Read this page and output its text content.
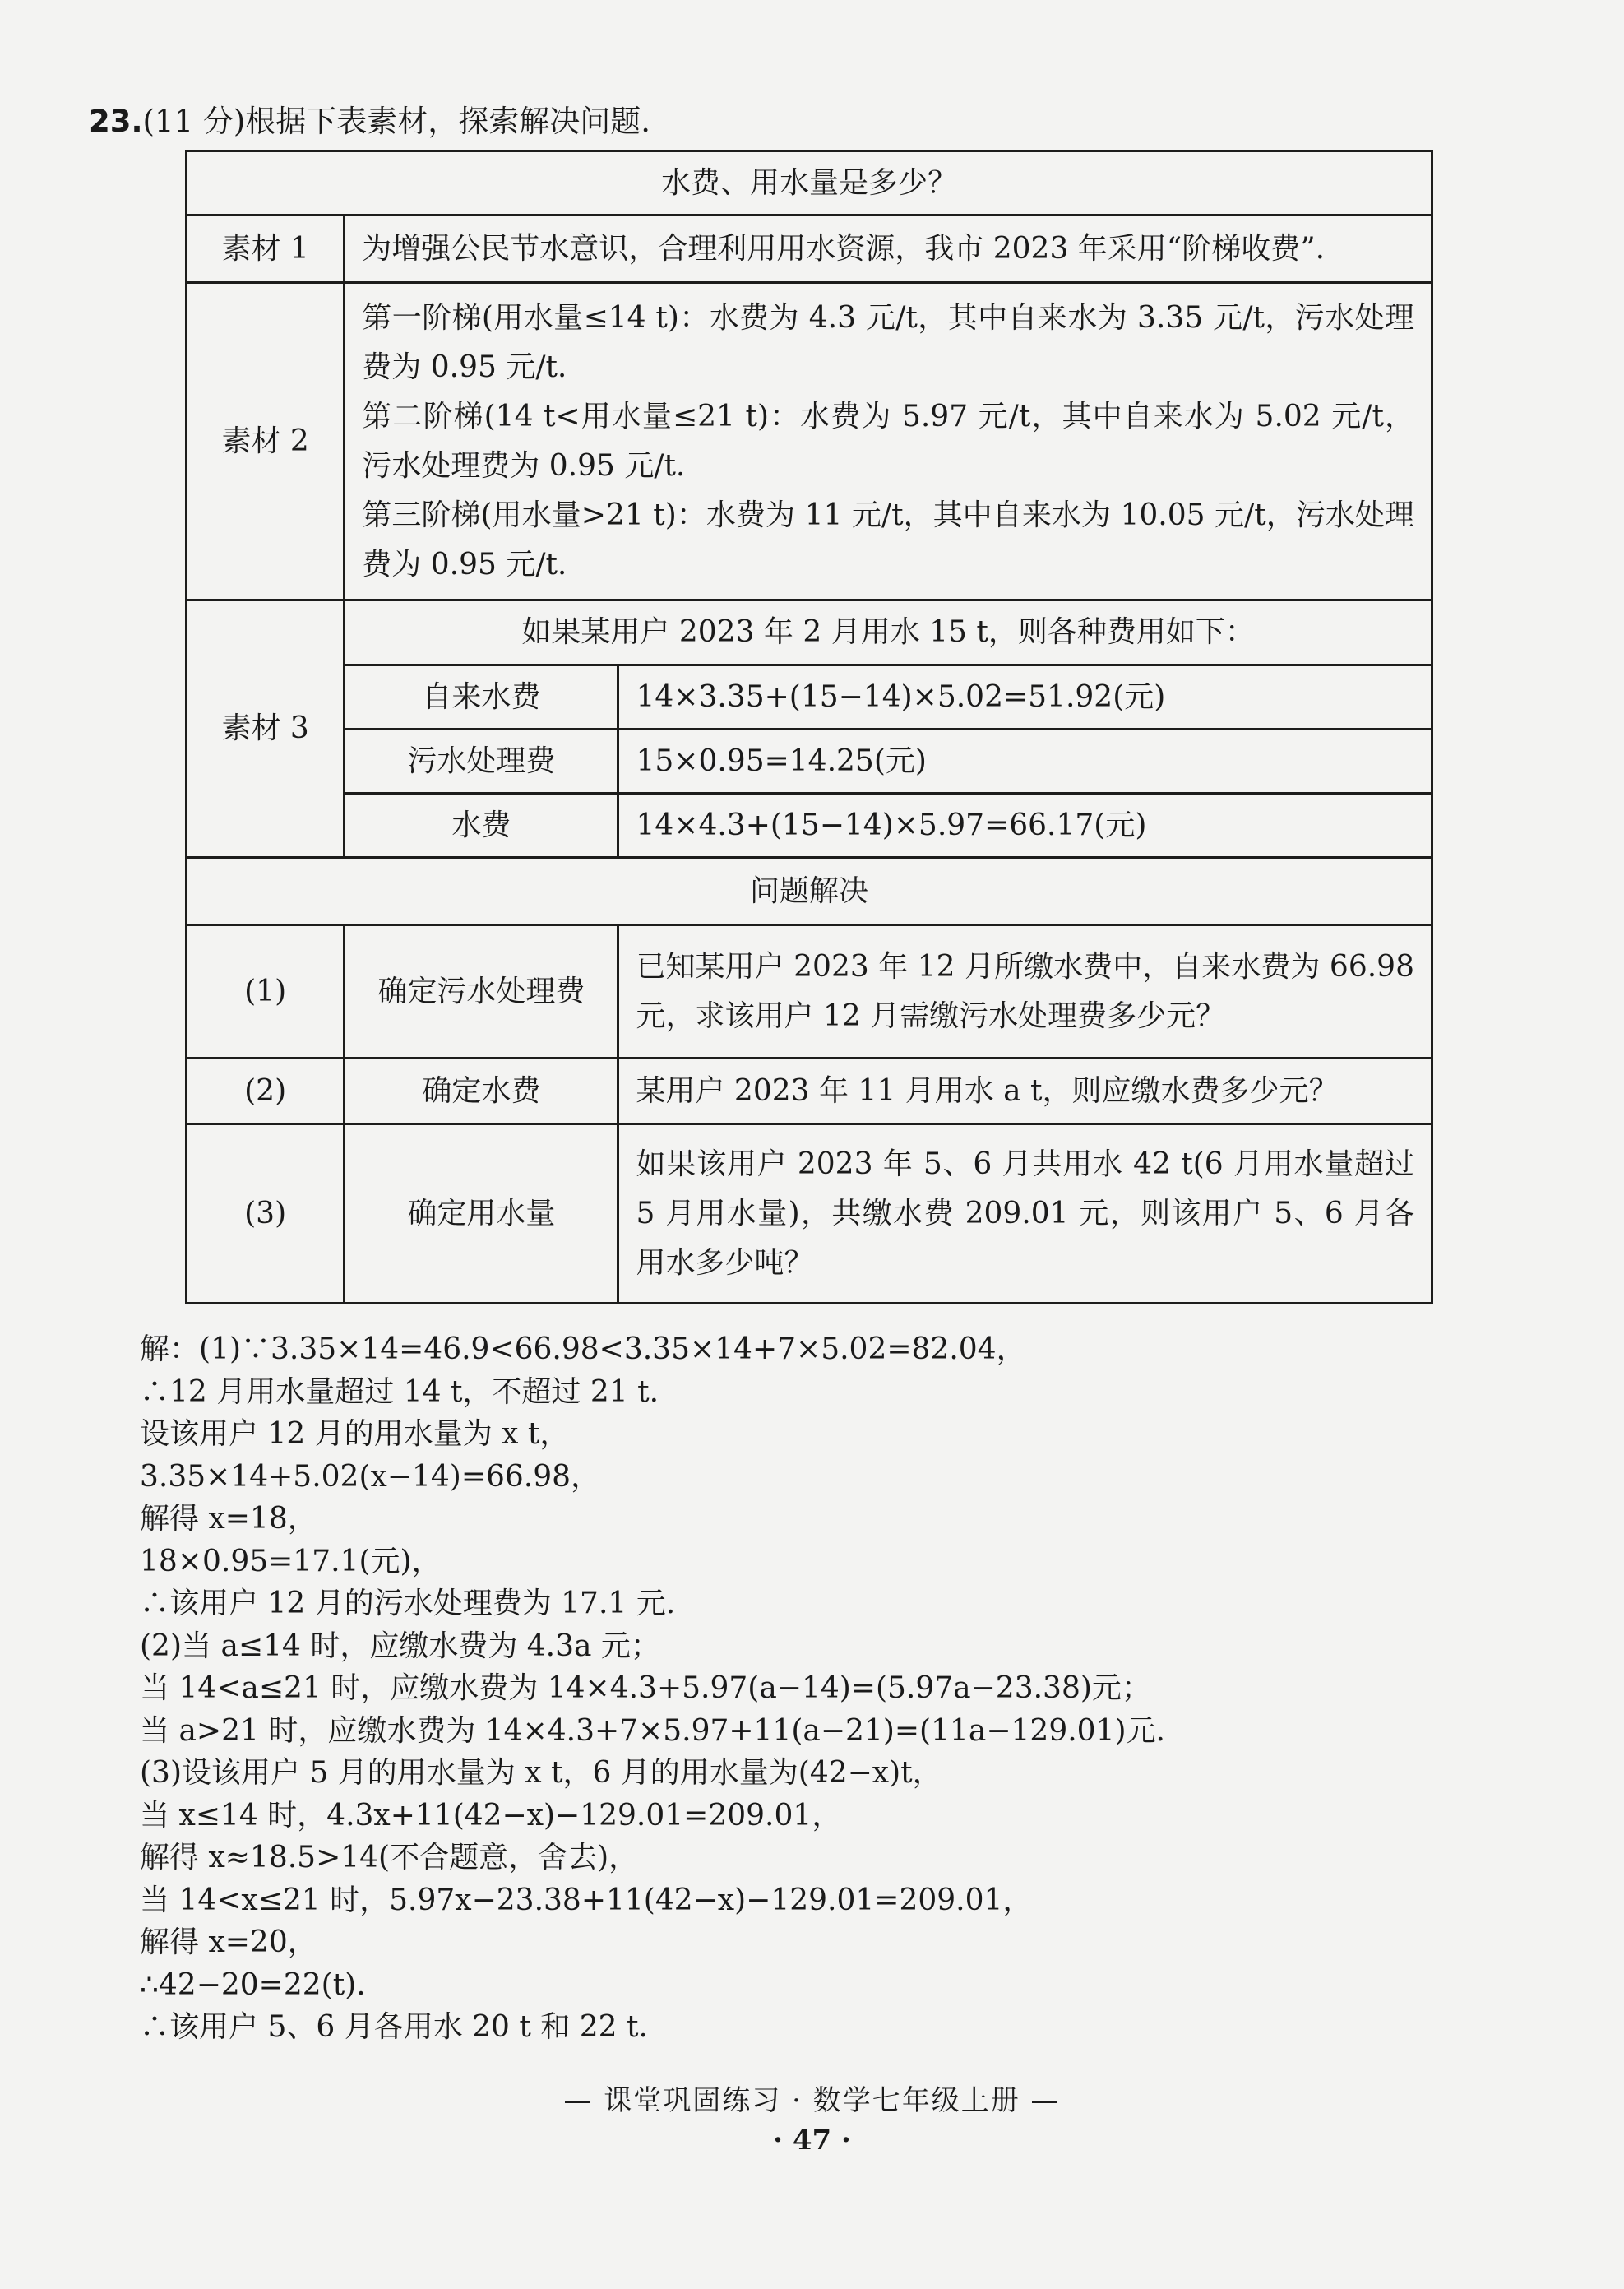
23.(11 分)根据下表素材，探索解决问题.
水费、用水量是多少？		
素材 1	为增强公民节水意识，合理利用用水资源，我市 2023 年采用“阶梯收费”.	
素材 2	第一阶梯(用水量≤14 t)：水费为 4.3 元/t，其中自来水为 3.35 元/t，污水处理费为 0.95 元/t.
第二阶梯(14 t<用水量≤21 t)：水费为 5.97 元/t，其中自来水为 5.02 元/t，污水处理费为 0.95 元/t.
第三阶梯(用水量>21 t)：水费为 11 元/t，其中自来水为 10.05 元/t，污水处理费为 0.95 元/t.	

素材 3	如果某用户 2023 年 2 月用水 15 t，则各种费用如下：	
	自来水费	14×3.35+(15−14)×5.02=51.92(元)
	污水处理费	15×0.95=14.25(元)
	水费	14×4.3+(15−14)×5.97=66.17(元)
问题解决		
(1)	确定污水处理费	已知某用户 2023 年 12 月所缴水费中，自来水费为 66.98元，求该用户 12 月需缴污水处理费多少元？
(2)	确定水费	某用户 2023 年 11 月用水 a t，则应缴水费多少元？
(3)	确定用水量	如果该用户 2023 年 5、6 月共用水 42 t(6 月用水量超过 5 月用水量)，共缴水费 209.01 元，则该用户 5、6 月各用水多少吨？
解：(1)∵3.35×14=46.9<66.98<3.35×14+7×5.02=82.04，
∴12 月用水量超过 14 t，不超过 21 t.
设该用户 12 月的用水量为 x t，
3.35×14+5.02(x−14)=66.98，
解得 x=18，
18×0.95=17.1(元)，
∴该用户 12 月的污水处理费为 17.1 元.
(2)当 a≤14 时，应缴水费为 4.3a 元；
当 14<a≤21 时，应缴水费为 14×4.3+5.97(a−14)=(5.97a−23.38)元；
当 a>21 时，应缴水费为 14×4.3+7×5.97+11(a−21)=(11a−129.01)元.
(3)设该用户 5 月的用水量为 x t，6 月的用水量为(42−x)t，
当 x≤14 时，4.3x+11(42−x)−129.01=209.01，
解得 x≈18.5>14(不合题意，舍去)，
当 14<x≤21 时，5.97x−23.38+11(42−x)−129.01=209.01，
解得 x=20，
∴42−20=22(t).
∴该用户 5、6 月各用水 20 t 和 22 t.
— 课堂巩固练习 · 数学七年级上册 —
· 47 ·
